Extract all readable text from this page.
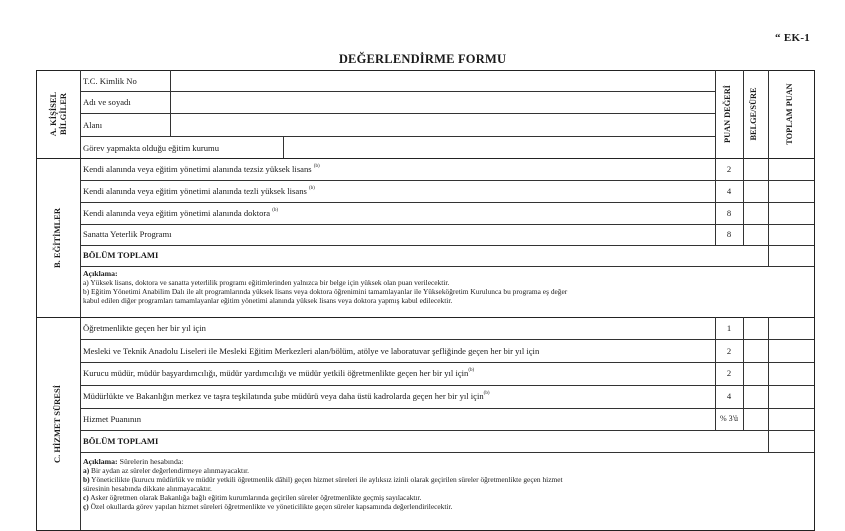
“ EK-1
DEĞERLENDİRME FORMU
PUAN DEĞERİ	BELGE/SÜRE	TOPLAM PUAN
A. KİŞİSEL BİLGİLER
T.C. Kimlik No
Adı ve soyadı
Alanı
Görev yapmakta olduğu eğitim kurumu
B. EĞİTİMLER
Kendi alanında veya eğitim yönetimi alanında tezsiz yüksek lisans $^{(b)}$	2
Kendi alanında veya eğitim yönetimi alanında tezli yüksek lisans $^{(b)}$	4
Kendi alanında veya eğitim yönetimi alanında doktora $^{(b)}$	8
Sanatta Yeterlik Programı	8
BÖLÜM TOPLAMI
Açıklama:
a) Yüksek lisans, doktora ve sanatta yeterlilik programı eğitimlerinden yalnızca bir belge için yüksek olan puan verilecektir.
b) Eğitim Yönetimi Anabilim Dalı ile alt programlarında yüksek lisans veya doktora öğrenimini tamamlayanlar ile Yükseköğretim Kurulunca bu programa eş değer
kabul edilen diğer programları tamamlayanlar eğitim yönetimi alanında yüksek lisans veya doktora yapmış kabul edilecektir.
C. HİZMET SÜRESİ
Öğretmenlikte geçen her bir yıl için	1
Mesleki ve Teknik Anadolu Liseleri ile Mesleki Eğitim Merkezleri alan/bölüm, atölye ve laboratuvar şefliğinde geçen her bir yıl için	2
Kurucu müdür, müdür başyardımcılığı, müdür yardımcılığı ve müdür yetkili öğretmenlikte geçen her bir yıl için$^{(b)}$	2
Müdürlükte ve Bakanlığın merkez ve taşra teşkilatında şube müdürü veya daha üstü kadrolarda geçen her bir yıl için$^{(b)}$	4
Hizmet Puanının	% 3'ü
BÖLÜM TOPLAMI
Açıklama: Sürelerin hesabında:
a) Bir aydan az süreler değerlendirmeye alınmayacaktır.
b) Yöneticilikte (kurucu müdürlük ve müdür yetkili öğretmenlik dâhil) geçen hizmet süreleri ile aylıksız izinli olarak geçirilen süreler öğretmenlikte geçen hizmet
süresinin hesabında dikkate alınmayacaktır.
c) Asker öğretmen olarak Bakanlığa bağlı eğitim kurumlarında geçirilen süreler öğretmenlikte geçmiş sayılacaktır.
ç) Özel okullarda görev yapılan hizmet süreleri öğretmenlikte ve yöneticilikte geçen süreler kapsamında değerlendirilecektir.
